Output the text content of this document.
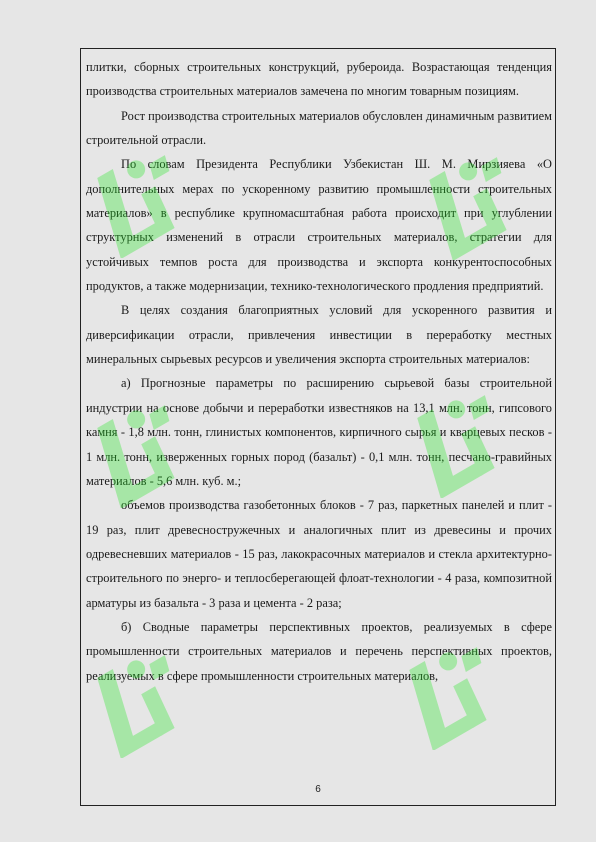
плитки, сборных строительных конструкций, рубероида. Возрастающая тенденция производства строительных материалов замечена по многим товарным позициям.

Рост производства строительных материалов обусловлен динамичным развитием строительной отрасли.

По словам Президента Республики Узбекистан Ш. М. Мирзияева «О дополнительных мерах по ускоренному развитию промышленности строительных материалов» в республике крупномасштабная работа происходит при углублении структурных изменений в отрасли строительных материалов, стратегии для устойчивых темпов роста для производства и экспорта конкурентоспособных продуктов, а также модернизации, технико-технологического продления предприятий.

В целях создания благоприятных условий для ускоренного развития и диверсификации отрасли, привлечения инвестиции в переработку местных минеральных сырьевых ресурсов и увеличения экспорта строительных материалов:

а) Прогнозные параметры по расширению сырьевой базы строительной индустрии на основе добычи и переработки известняков на 13,1 млн. тонн, гипсового камня - 1,8 млн. тонн, глинистых компонентов, кирпичного сырья и кварцевых песков - 1 млн. тонн, изверженных горных пород (базальт) - 0,1 млн. тонн, песчано-гравийных материалов - 5,6 млн. куб. м.;

объемов производства газобетонных блоков - 7 раз, паркетных панелей и плит - 19 раз, плит древесностружечных и аналогичных плит из древесины и прочих одревесневших материалов - 15 раз, лакокрасочных материалов и стекла архитектурно-строительного по энерго- и теплосберегающей флоат-технологии - 4 раза, композитной арматуры из базальта - 3 раза и цемента - 2 раза;

б) Сводные параметры перспективных проектов, реализуемых в сфере промышленности строительных материалов и перечень перспективных проектов, реализуемых в сфере промышленности строительных материалов,

6
